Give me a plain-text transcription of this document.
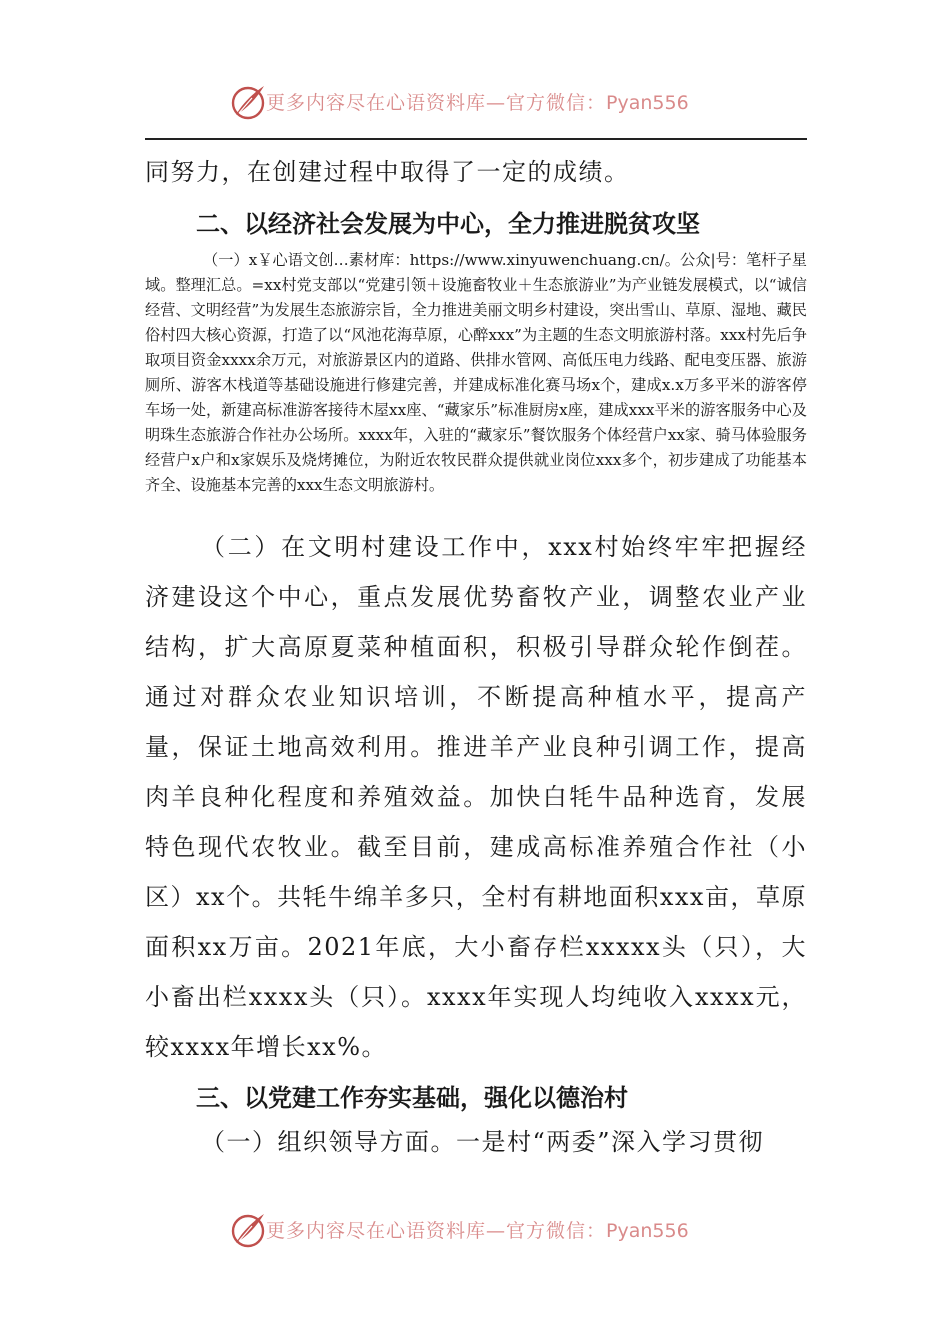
更多内容尽在心语资料库—官方微信：Pyan556

同努力，在创建过程中取得了一定的成绩。

二、以经济社会发展为中心，全力推进脱贫攻坚

（一）x￥心语文创…素材库：https://www.xinyuwenchuang.cn/。公众|号：笔杆子星域。整理汇总。=xx村党支部以“党建引领＋设施畜牧业＋生态旅游业”为产业链发展模式，以“诚信经营、文明经营”为发展生态旅游宗旨，全力推进美丽文明乡村建设，突出雪山、草原、湿地、藏民俗村四大核心资源，打造了以“风池花海草原，心醉xxx”为主题的生态文明旅游村落。xxx村先后争取项目资金xxxx余万元，对旅游景区内的道路、供排水管网、高低压电力线路、配电变压器、旅游厕所、游客木栈道等基础设施进行修建完善，并建成标准化赛马场x个，建成x.x万多平米的游客停车场一处，新建高标准游客接待木屋xx座、“藏家乐”标准厨房x座，建成xxx平米的游客服务中心及明珠生态旅游合作社办公场所。xxxx年，入驻的“藏家乐”餐饮服务个体经营户xx家、骑马体验服务经营户x户和x家娱乐及烧烤摊位，为附近农牧民群众提供就业岗位xxx多个，初步建成了功能基本齐全、设施基本完善的xxx生态文明旅游村。

（二）在文明村建设工作中，xxx村始终牢牢把握经济建设这个中心，重点发展优势畜牧产业，调整农业产业结构，扩大高原夏菜种植面积，积极引导群众轮作倒茬。通过对群众农业知识培训，不断提高种植水平，提高产量，保证土地高效利用。推进羊产业良种引调工作，提高肉羊良种化程度和养殖效益。加快白牦牛品种选育，发展特色现代农牧业。截至目前，建成高标准养殖合作社（小区）xx个。共牦牛绵羊多只，全村有耕地面积xxx亩，草原面积xx万亩。2021年底，大小畜存栏xxxxx头（只），大小畜出栏xxxx头（只）。xxxx年实现人均纯收入xxxx元，较xxxx年增长xx%。

三、以党建工作夯实基础，强化以德治村

（一）组织领导方面。一是村“两委”深入学习贯彻

更多内容尽在心语资料库—官方微信：Pyan556
